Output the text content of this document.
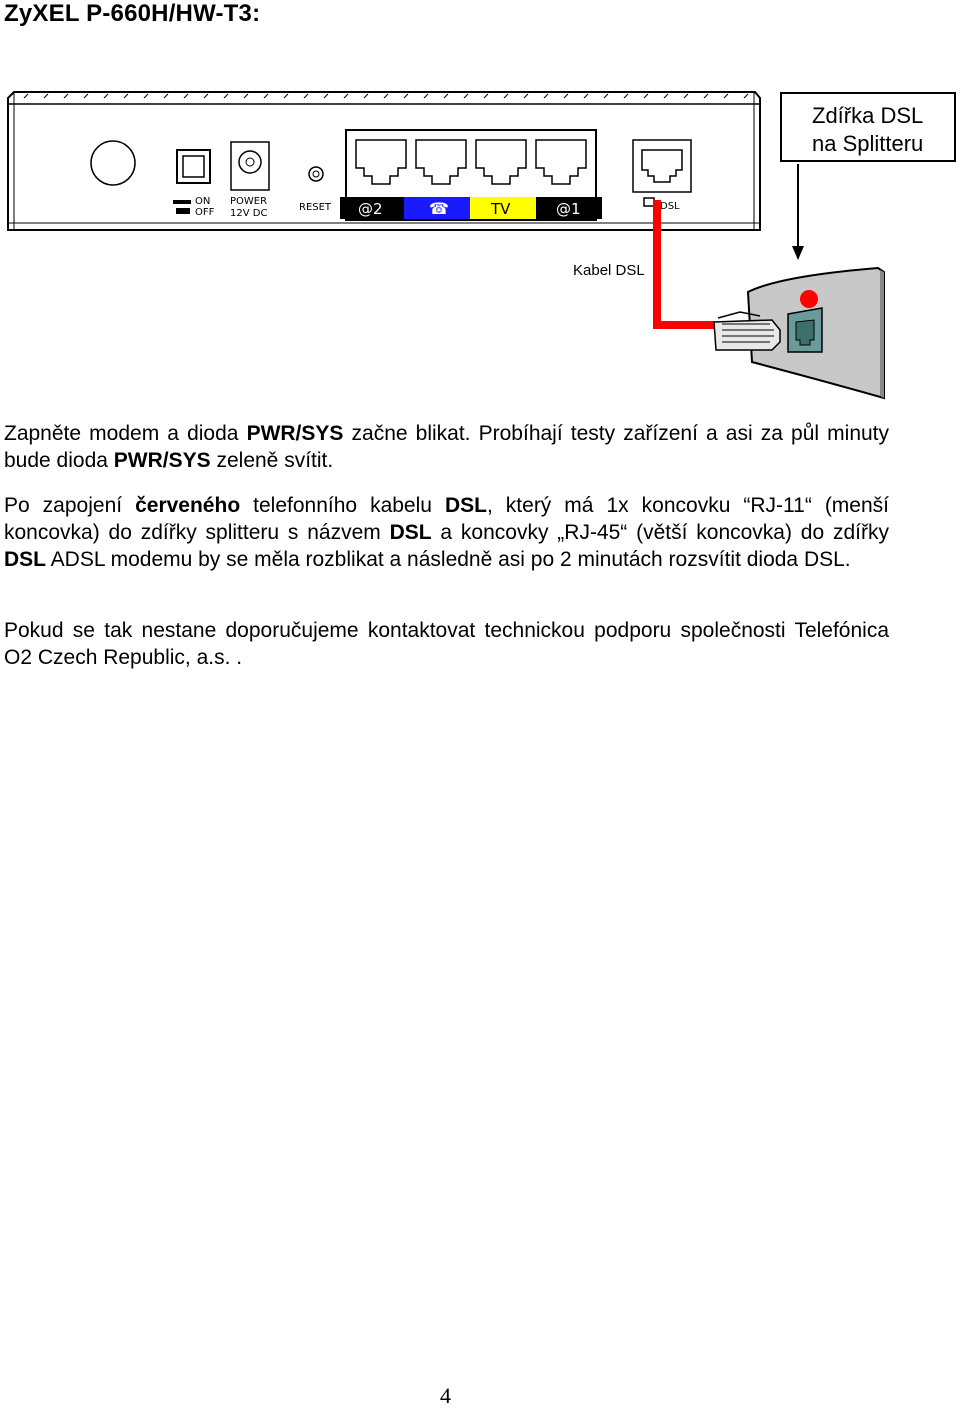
ZyXEL P-660H/HW-T3:
ON
OFF
POWER
12V DC
RESET @2	☎	TV	@1	DSL
Zdířka DSL
na Splitteru
Kabel DSL
Zapněte modem a dioda PWR/SYS začne blikat. Probíhají testy zařízení a asi za půl minuty bude dioda PWR/SYS zeleně svítit.
Po zapojení červeného telefonního kabelu DSL, který má 1x koncovku “RJ-11“ (menší koncovka) do zdířky splitteru s názvem DSL a koncovky „RJ-45“ (větší koncovka) do zdířky DSL ADSL modemu by se měla rozblikat a následně asi po 2 minutách rozsvítit dioda DSL.
Pokud se tak nestane doporučujeme kontaktovat technickou podporu společnosti Telefónica O2 Czech Republic, a.s. .
4
